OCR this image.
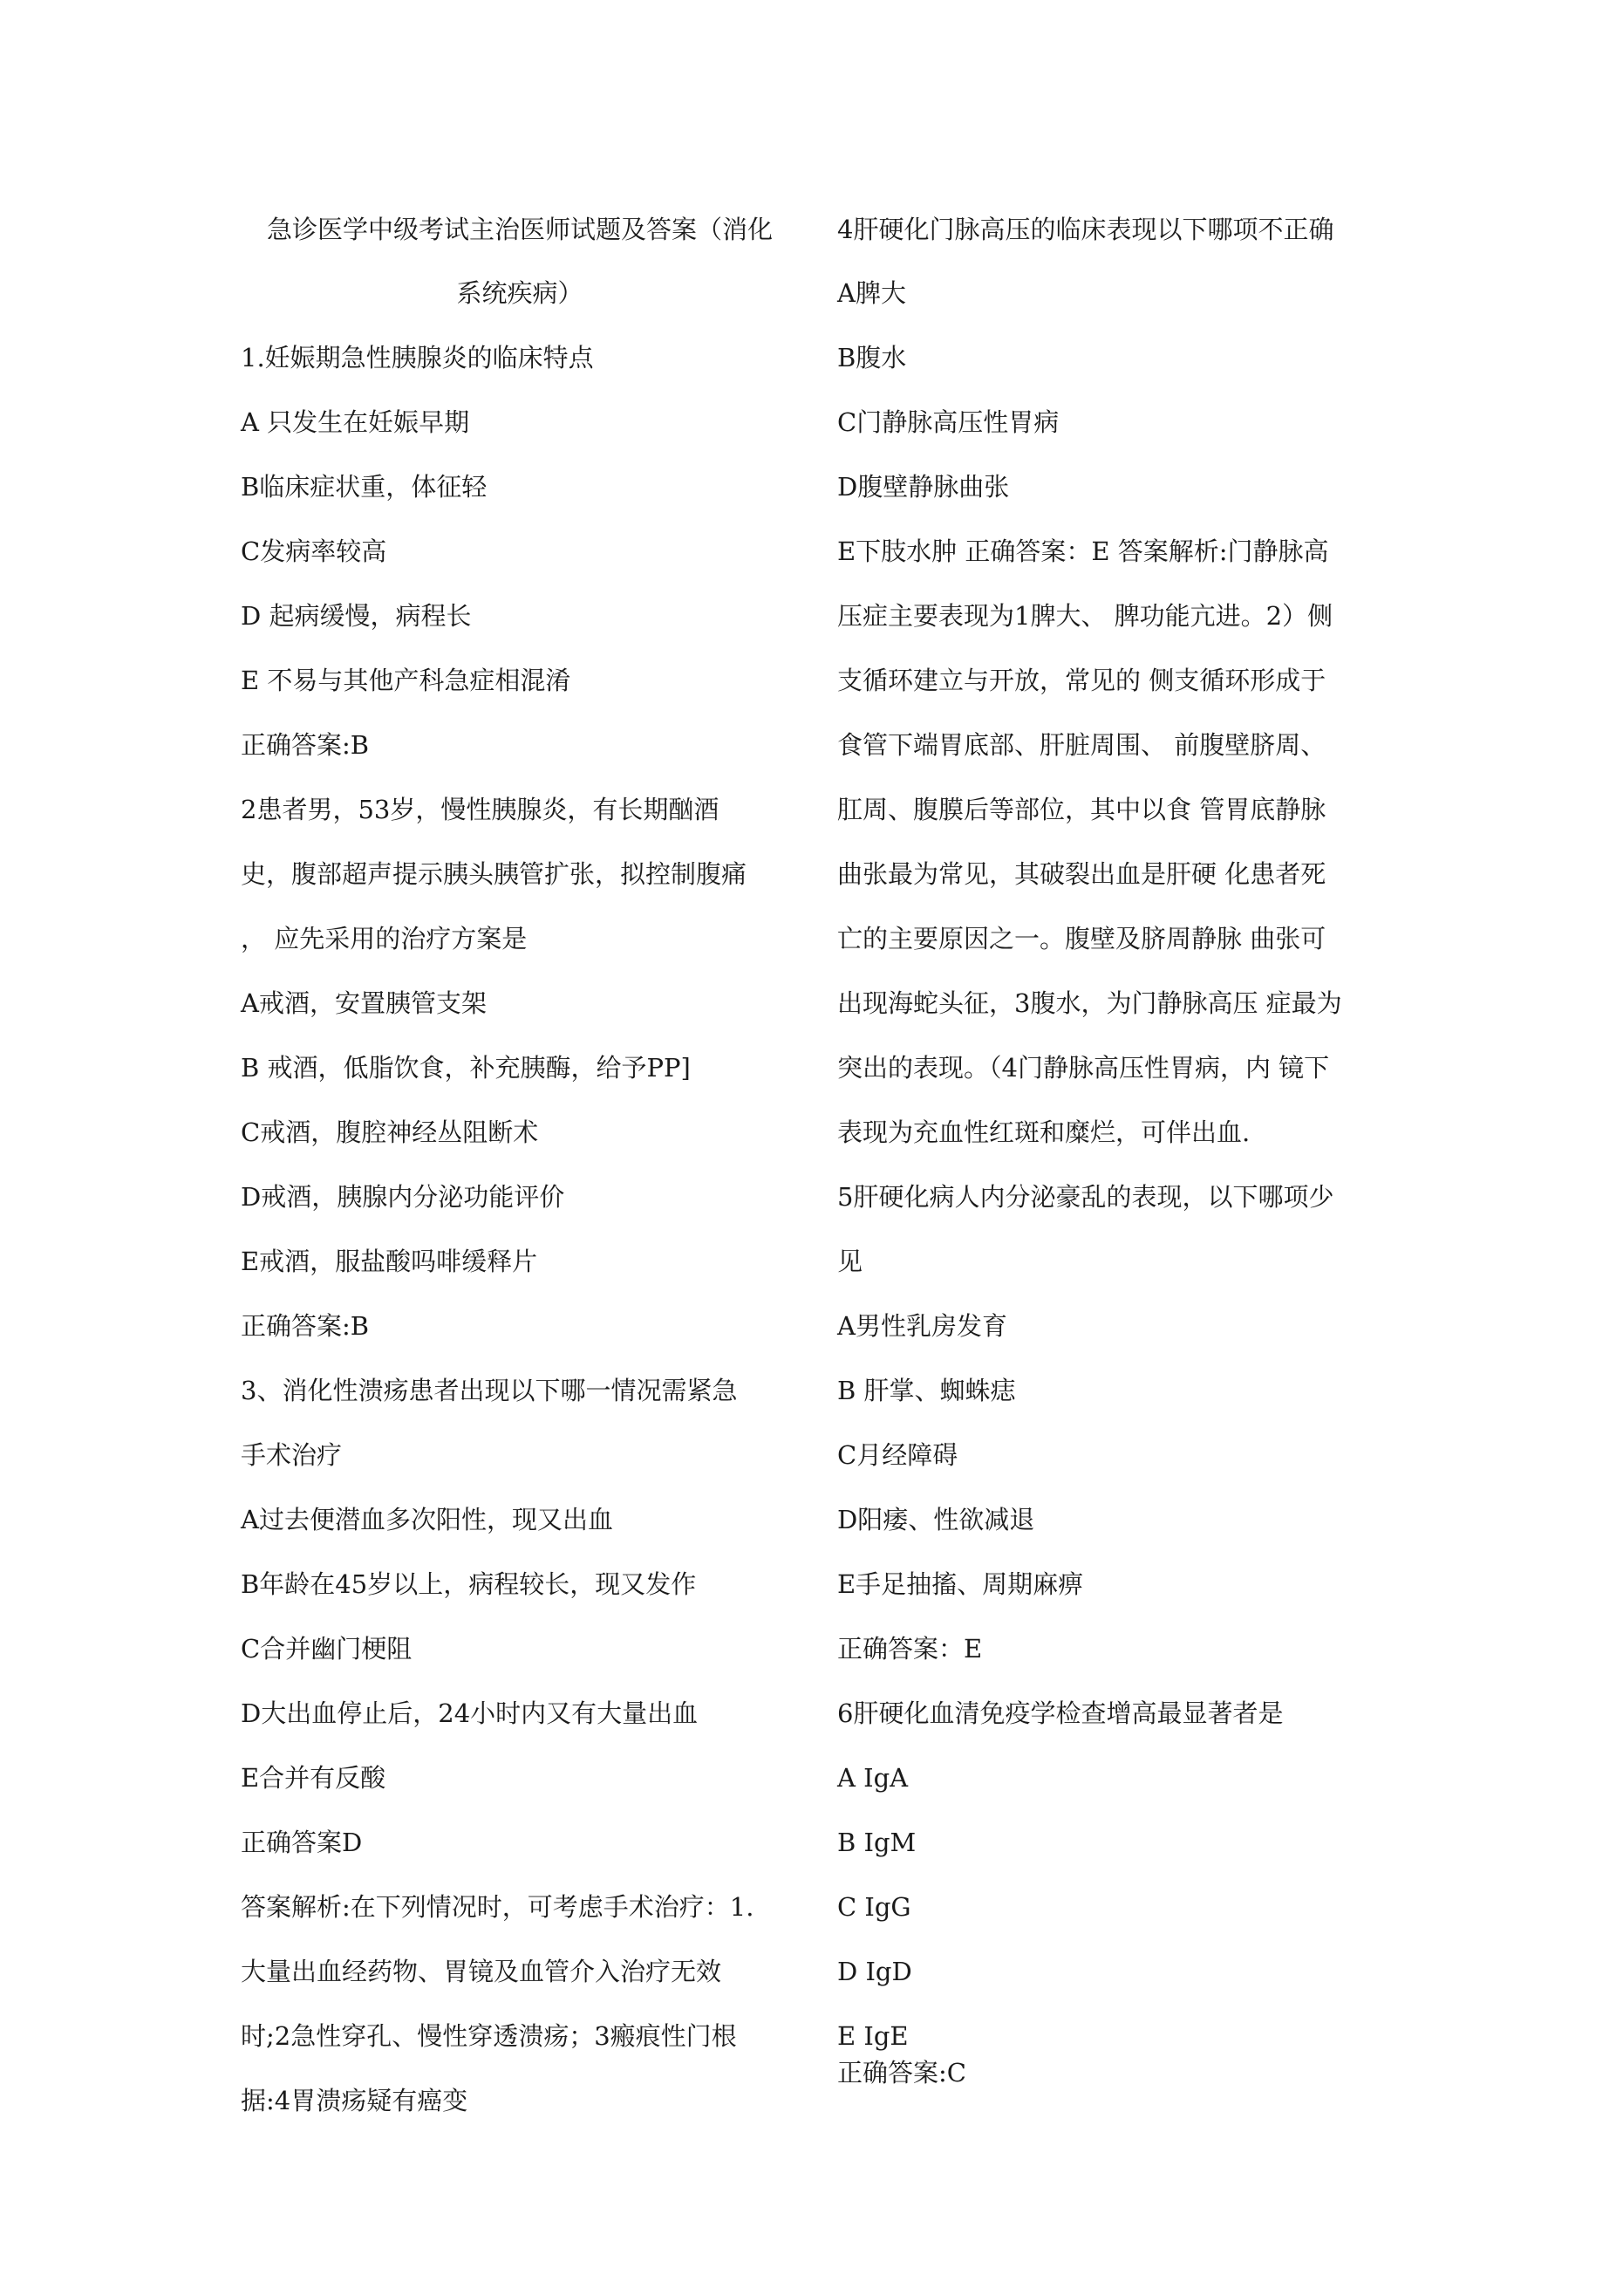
急诊医学中级考试主治医师试题及答案（消化
系统疾病）
1.妊娠期急性胰腺炎的临床特点
A 只发生在妊娠早期
B临床症状重，体征轻
C发病率较高
D 起病缓慢，病程长
E 不易与其他产科急症相混淆
正确答案:B
2患者男，53岁，慢性胰腺炎，有长期酗酒
史，腹部超声提示胰头胰管扩张，拟控制腹痛
， 应先采用的治疗方案是
A戒酒，安置胰管支架
B 戒酒，低脂饮食，补充胰酶，给予PP]
C戒酒，腹腔神经丛阻断术
D戒酒，胰腺内分泌功能评价
E戒酒，服盐酸吗啡缓释片
正确答案:B
3、消化性溃疡患者出现以下哪一情况需紧急
手术治疗
A过去便潜血多次阳性，现又出血
B年龄在45岁以上，病程较长，现又发作
C合并幽门梗阻
D大出血停止后，24小时内又有大量出血
E合并有反酸
正确答案D
答案解析:在下列情况时，可考虑手术治疗：1.
大量出血经药物、胃镜及血管介入治疗无效
时;2急性穿孔、慢性穿透溃疡；3瘢痕性门根
据:4胃溃疡疑有癌变
4肝硬化门脉高压的临床表现以下哪项不正确
A脾大
B腹水
C门静脉高压性胃病
D腹壁静脉曲张
E下肢水肿 正确答案：E 答案解析:门静脉高
压症主要表现为1脾大、 脾功能亢进。2）侧
支循环建立与开放，常见的 侧支循环形成于
食管下端胃底部、肝脏周围、 前腹壁脐周、
肛周、腹膜后等部位，其中以食 管胃底静脉
曲张最为常见，其破裂出血是肝硬 化患者死
亡的主要原因之一。腹壁及脐周静脉 曲张可
出现海蛇头征，3腹水，为门静脉高压 症最为
突出的表现。（4门静脉高压性胃病，内 镜下
表现为充血性红斑和糜烂，可伴出血.
5肝硬化病人内分泌豪乱的表现，以下哪项少
见
A男性乳房发育
B 肝掌、蜘蛛痣
C月经障碍
D阳痿、性欲减退
E手足抽搐、周期麻痹
正确答案：E
6肝硬化血清免疫学检查增高最显著者是
A IgA
B IgM
C IgG
D IgD
E IgE
正确答案:C
